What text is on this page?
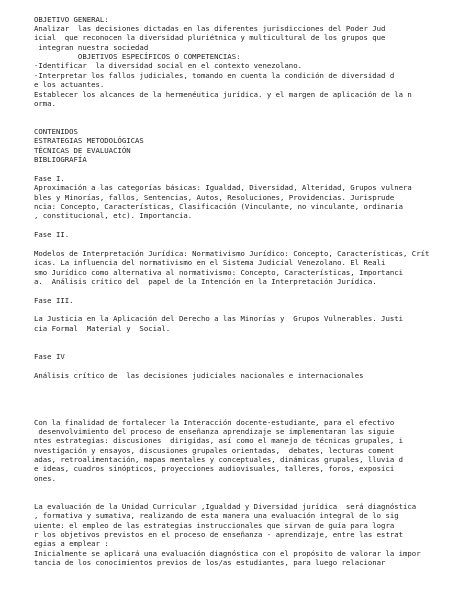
OBJETIVO GENERAL:
Analizar  las decisiones dictadas en las diferentes jurisdicciones del Poder Jud
icial  que reconocen la diversidad pluriétnica y multicultural de los grupos que
integran nuestra sociedad
OBJETIVOS ESPECÍFICOS O COMPETENCIAS:
-Identificar  la diversidad social en el contexto venezolano.
-Interpretar los fallos judiciales, tomando en cuenta la condición de diversidad d
e los actuantes.
Establecer los alcances de la hermenéutica jurídica. y el margen de aplicación de la n
orma.
CONTENIDOS
ESTRATEGIAS METODOLÓGICAS
TÉCNICAS DE EVALUACIÓN
BIBLIOGRAFÍA
Fase I.
Aproximación a las categorías básicas: Igualdad, Diversidad, Alteridad, Grupos vulnera
bles y Minorías, fallos, Sentencias, Autos, Resoluciones, Providencias. Jurisprude
ncia: Concepto, Características, Clasificación (Vinculante, no vinculante, ordinaria
, constitucional, etc). Importancia.
Fase II.
Modelos de Interpretación Jurídica: Normativismo Jurídico: Concepto, Características, Crít
icas. La influencia del normativismo en el Sistema Judicial Venezolano. El Reali
smo Jurídico como alternativa al normativismo: Concepto, Características, Importanci
a.  Análisis crítico del  papel de la Intención en la Interpretación Jurídica.
Fase III.
La Justicia en la Aplicación del Derecho a las Minorías y  Grupos Vulnerables. Justi
cia Formal  Material y  Social.
Fase IV
Análisis crítico de  las decisiones judiciales nacionales e internacionales
Con la finalidad de fortalecer la Interacción docente-estudiante, para el efectivo
desenvolvimiento del proceso de enseñanza aprendizaje se implementaran las siguie
ntes estrategias: discusiones  dirigidas, así como el manejo de técnicas grupales, i
nvestigación y ensayos, discusiones grupales orientadas,  debates, lecturas coment
adas, retroalimentación, mapas mentales y conceptuales, dinámicas grupales, lluvia d
e ideas, cuadros sinópticos, proyecciones audiovisuales, talleres, foros, exposici
ones.
La evaluación de la Unidad Curricular ,Igualdad y Diversidad jurídica  será diagnóstica
, formativa y sumativa, realizando de esta manera una evaluación integral de lo sig
uiente: el empleo de las estrategias instruccionales que sirvan de guía para logra
r los objetivos previstos en el proceso de enseñanza - aprendizaje, entre las estrat
egias a emplear :
Inicialmente se aplicará una evaluación diagnóstica con el propósito de valorar la impor
tancia de los conocimientos previos de los/as estudiantes, para luego relacionar
